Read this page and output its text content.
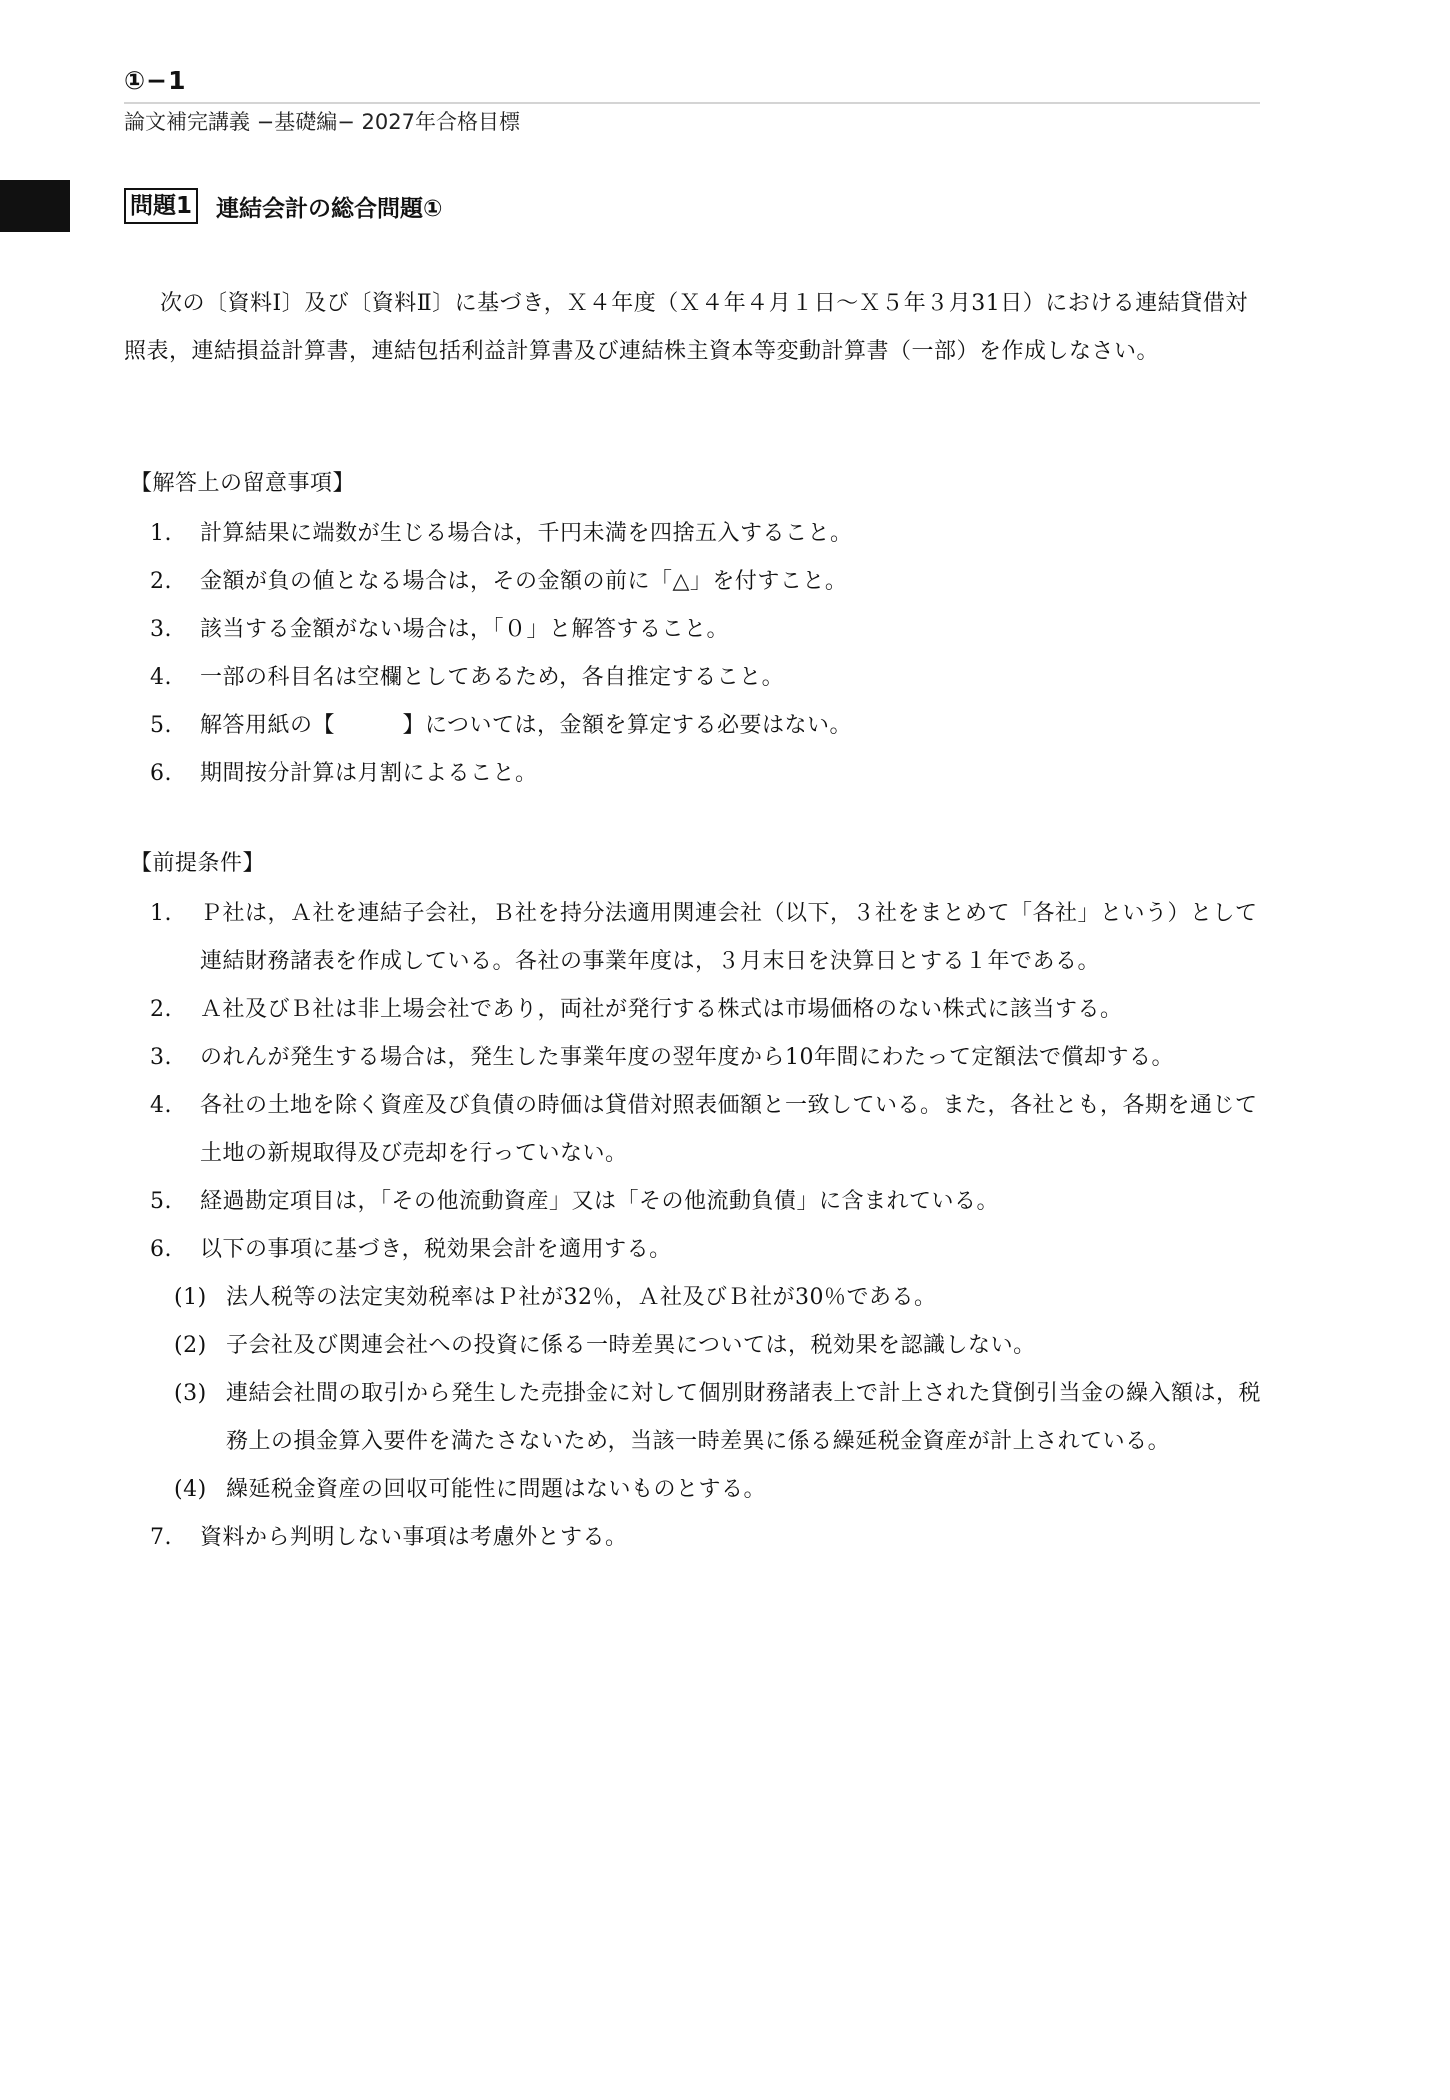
①−1
論文補完講義 −基礎編− 2027年合格目標
問題1 連結会計の総合問題①
次の〔資料Ⅰ〕及び〔資料Ⅱ〕に基づき，Ｘ４年度（Ｘ４年４月１日〜Ｘ５年３月31日）における連結貸借対照表，連結損益計算書，連結包括利益計算書及び連結株主資本等変動計算書（一部）を作成しなさい。
【解答上の留意事項】
1.	計算結果に端数が生じる場合は，千円未満を四捨五入すること。
2.	金額が負の値となる場合は，その金額の前に「△」を付すこと。
3.	該当する金額がない場合は，「０」と解答すること。
4.	一部の科目名は空欄としてあるため，各自推定すること。
5.	解答用紙の【　　　】については，金額を算定する必要はない。
6.	期間按分計算は月割によること。
【前提条件】
1.	Ｐ社は，Ａ社を連結子会社，Ｂ社を持分法適用関連会社（以下，３社をまとめて「各社」という）として連結財務諸表を作成している。各社の事業年度は，３月末日を決算日とする１年である。
2.	Ａ社及びＢ社は非上場会社であり，両社が発行する株式は市場価格のない株式に該当する。
3.	のれんが発生する場合は，発生した事業年度の翌年度から10年間にわたって定額法で償却する。
4.	各社の土地を除く資産及び負債の時価は貸借対照表価額と一致している。また，各社とも，各期を通じて土地の新規取得及び売却を行っていない。
5.	経過勘定項目は，「その他流動資産」又は「その他流動負債」に含まれている。
6.	以下の事項に基づき，税効果会計を適用する。
(1) 法人税等の法定実効税率はＰ社が32％，Ａ社及びＢ社が30％である。
(2) 子会社及び関連会社への投資に係る一時差異については，税効果を認識しない。
(3) 連結会社間の取引から発生した売掛金に対して個別財務諸表上で計上された貸倒引当金の繰入額は，税務上の損金算入要件を満たさないため，当該一時差異に係る繰延税金資産が計上されている。
(4) 繰延税金資産の回収可能性に問題はないものとする。
7.	資料から判明しない事項は考慮外とする。
